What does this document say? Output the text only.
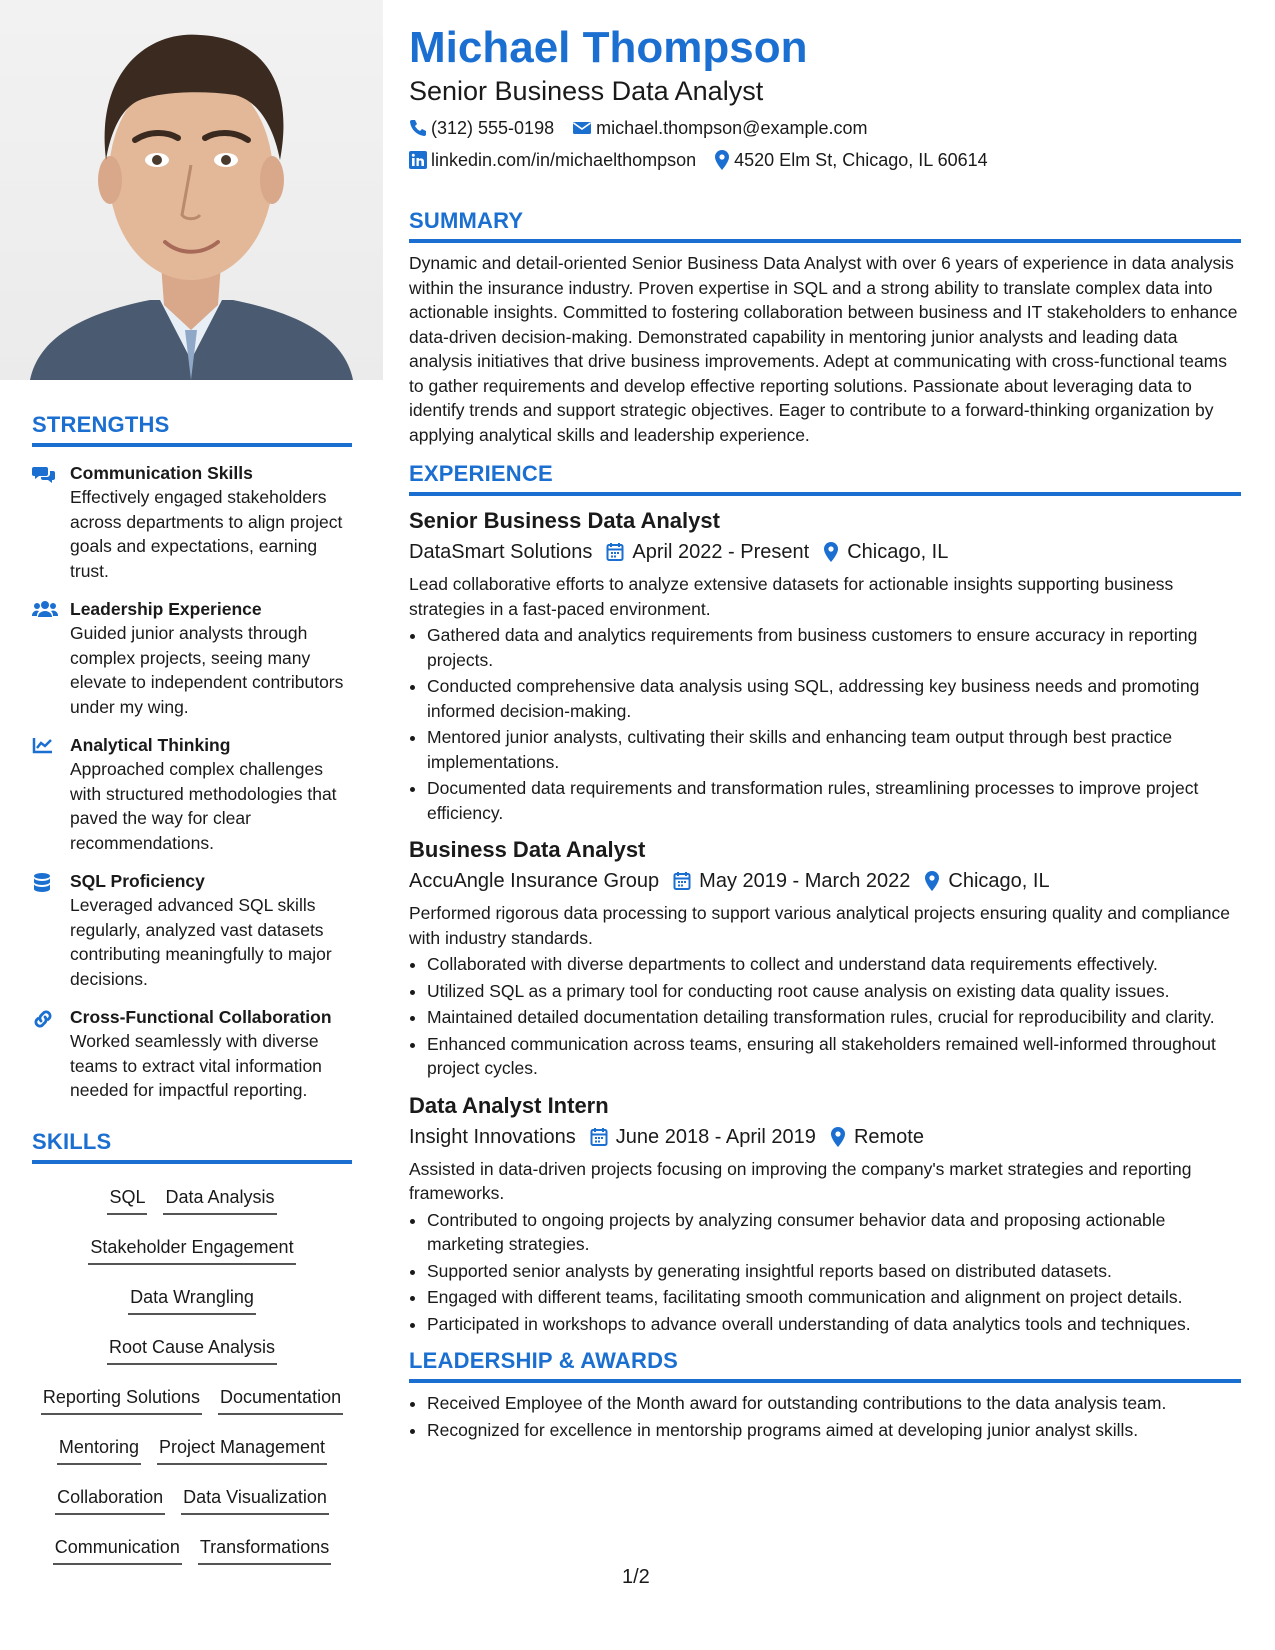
STRENGTHS
Communication Skills
Effectively engaged stakeholders across departments to align project goals and expectations, earning trust.
Leadership Experience
Guided junior analysts through complex projects, seeing many elevate to independent contributors under my wing.
Analytical Thinking
Approached complex challenges with structured methodologies that paved the way for clear recommendations.
SQL Proficiency
Leveraged advanced SQL skills regularly, analyzed vast datasets contributing meaningfully to major decisions.
Cross-Functional Collaboration
Worked seamlessly with diverse teams to extract vital information needed for impactful reporting.
SKILLS
SQL Data Analysis
Stakeholder Engagement
Data Wrangling
Root Cause Analysis
Reporting Solutions Documentation
Mentoring Project Management
Collaboration Data Visualization
Communication Transformations
Michael Thompson
Senior Business Data Analyst
(312) 555-0198 michael.thompson@example.com
linkedin.com/in/michaelthompson 4520 Elm St, Chicago, IL 60614
SUMMARY
Dynamic and detail-oriented Senior Business Data Analyst with over 6 years of experience in data analysis within the insurance industry. Proven expertise in SQL and a strong ability to translate complex data into actionable insights. Committed to fostering collaboration between business and IT stakeholders to enhance data-driven decision-making. Demonstrated capability in mentoring junior analysts and leading data analysis initiatives that drive business improvements. Adept at communicating with cross-functional teams to gather requirements and develop effective reporting solutions. Passionate about leveraging data to identify trends and support strategic objectives. Eager to contribute to a forward-thinking organization by applying analytical skills and leadership experience.
EXPERIENCE
Senior Business Data Analyst
DataSmart Solutions April 2022 - Present Chicago, IL
Lead collaborative efforts to analyze extensive datasets for actionable insights supporting business strategies in a fast-paced environment.
• Gathered data and analytics requirements from business customers to ensure accuracy in reporting projects.
• Conducted comprehensive data analysis using SQL, addressing key business needs and promoting informed decision-making.
• Mentored junior analysts, cultivating their skills and enhancing team output through best practice implementations.
• Documented data requirements and transformation rules, streamlining processes to improve project efficiency.
Business Data Analyst
AccuAngle Insurance Group May 2019 - March 2022 Chicago, IL
Performed rigorous data processing to support various analytical projects ensuring quality and compliance with industry standards.
• Collaborated with diverse departments to collect and understand data requirements effectively.
• Utilized SQL as a primary tool for conducting root cause analysis on existing data quality issues.
• Maintained detailed documentation detailing transformation rules, crucial for reproducibility and clarity.
• Enhanced communication across teams, ensuring all stakeholders remained well-informed throughout project cycles.
Data Analyst Intern
Insight Innovations June 2018 - April 2019 Remote
Assisted in data-driven projects focusing on improving the company's market strategies and reporting frameworks.
• Contributed to ongoing projects by analyzing consumer behavior data and proposing actionable marketing strategies.
• Supported senior analysts by generating insightful reports based on distributed datasets.
• Engaged with different teams, facilitating smooth communication and alignment on project details.
• Participated in workshops to advance overall understanding of data analytics tools and techniques.
LEADERSHIP & AWARDS
• Received Employee of the Month award for outstanding contributions to the data analysis team.
• Recognized for excellence in mentorship programs aimed at developing junior analyst skills.
1/2
